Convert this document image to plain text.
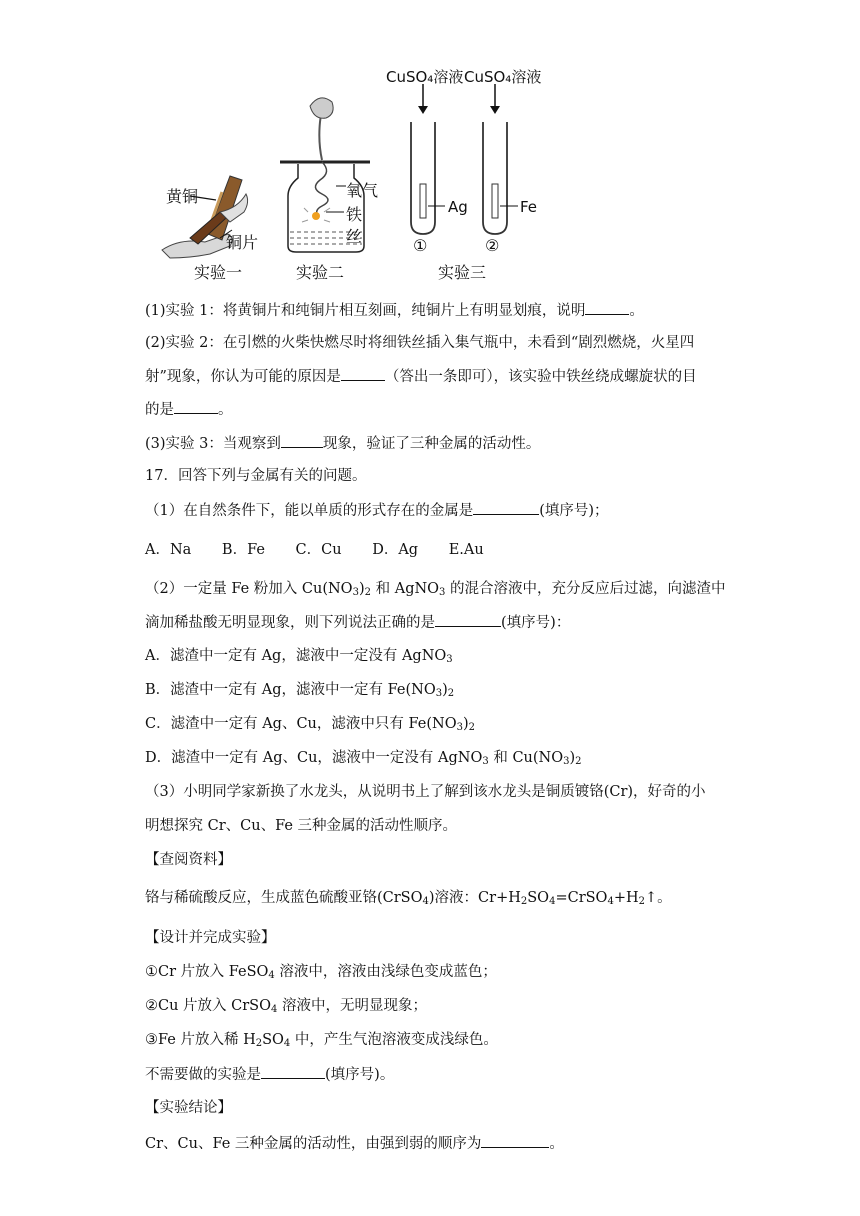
CuSO₄溶液 CuSO₄溶液
黄铜
铜片
氧气
铁
丝
Ag	Fe
①	②
实验一	实验二	实验三
(1)实验 1：将黄铜片和纯铜片相互刻画，纯铜片上有明显划痕，说明	。
(2)实验 2：在引燃的火柴快燃尽时将细铁丝插入集气瓶中，未看到“剧烈燃烧，火星四
射”现象，你认为可能的原因是	（答出一条即可），该实验中铁丝绕成螺旋状的目
的是	。
(3)实验 3：当观察到	现象，验证了三种金属的活动性。
17．回答下列与金属有关的问题。
（1）在自然条件下，能以单质的形式存在的金属是	(填序号)；
A．Na B．Fe C．Cu D．Ag E.Au
（2）一定量 Fe 粉加入 $Cu(NO_3)_2$ 和 AgNO$_3$ 的混合溶液中，充分反应后过滤，向滤渣中
滴加稀盐酸无明显现象，则下列说法正确的是	(填序号)：
A．滤渣中一定有 Ag，滤液中一定没有 AgNO$_3$
B．滤渣中一定有 Ag，滤液中一定有 $Fe(NO_3)_2$
C．滤渣中一定有 Ag、Cu，滤液中只有 $Fe(NO_3)_2$
D．滤渣中一定有 Ag、Cu，滤液中一定没有 AgNO$_3$ 和 $Cu(NO_3)_2$
（3）小明同学家新换了水龙头，从说明书上了解到该水龙头是铜质镀铬(Cr)，好奇的小
明想探究 Cr、Cu、Fe 三种金属的活动性顺序。
【查阅资料】
铬与稀硫酸反应，生成蓝色硫酸亚铬(CrSO$_4$)溶液：$Cr+H_2SO_4=CrSO_4+H_2↑$。
【设计并完成实验】
①Cr 片放入 FeSO$_4$ 溶液中，溶液由浅绿色变成蓝色；
②Cu 片放入 CrSO$_4$ 溶液中，无明显现象；
③Fe 片放入稀 $H_2SO_4$ 中，产生气泡溶液变成浅绿色。
不需要做的实验是	(填序号)。
【实验结论】
Cr、Cu、Fe 三种金属的活动性，由强到弱的顺序为	。
